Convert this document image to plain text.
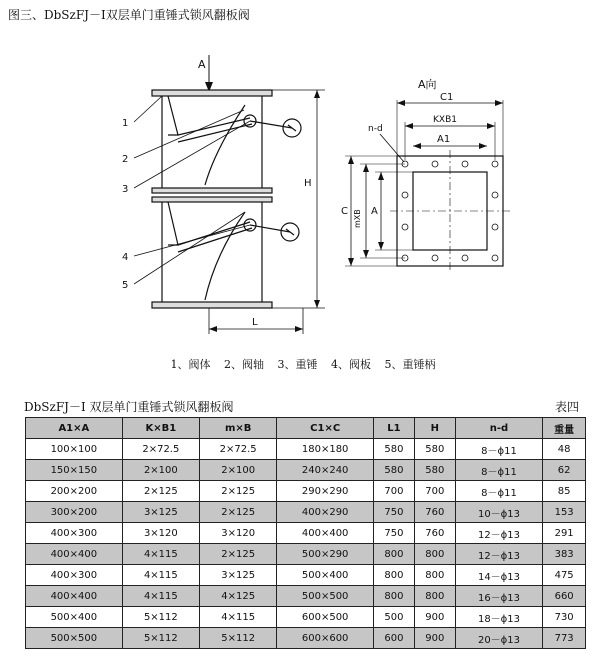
图三、DbSzFJ－Ⅰ双层单门重锤式锁风翻板阀
A
H
L
1
2
3
4
5
A向
C1
KXB1
A1
n-d
C mXB A
1、阀体 2、阀轴 3、重锤 4、阀板 5、重锤柄
DbSzFJ－Ⅰ 双层单门重锤式锁风翻板阀	表四
A1×A	K×B1	m×B	C1×C	L1	H	n-d	重量
100×100	2×72.5	2×72.5	180×180	580	580	8－ϕ11	48
150×150	2×100	2×100	240×240	580	580	8－ϕ11	62
200×200	2×125	2×125	290×290	700	700	8－ϕ11	85
300×200	3×125	2×125	400×290	750	760	10－ϕ13	153
400×300	3×120	3×120	400×400	750	760	12－ϕ13	291
400×400	4×115	2×125	500×290	800	800	12－ϕ13	383
400×300	4×115	3×125	500×400	800	800	14－ϕ13	475
400×400	4×115	4×125	500×500	800	800	16－ϕ13	660
500×400	5×112	4×115	600×500	500	900	18－ϕ13	730
500×500	5×112	5×112	600×600	600	900	20－ϕ13	773
